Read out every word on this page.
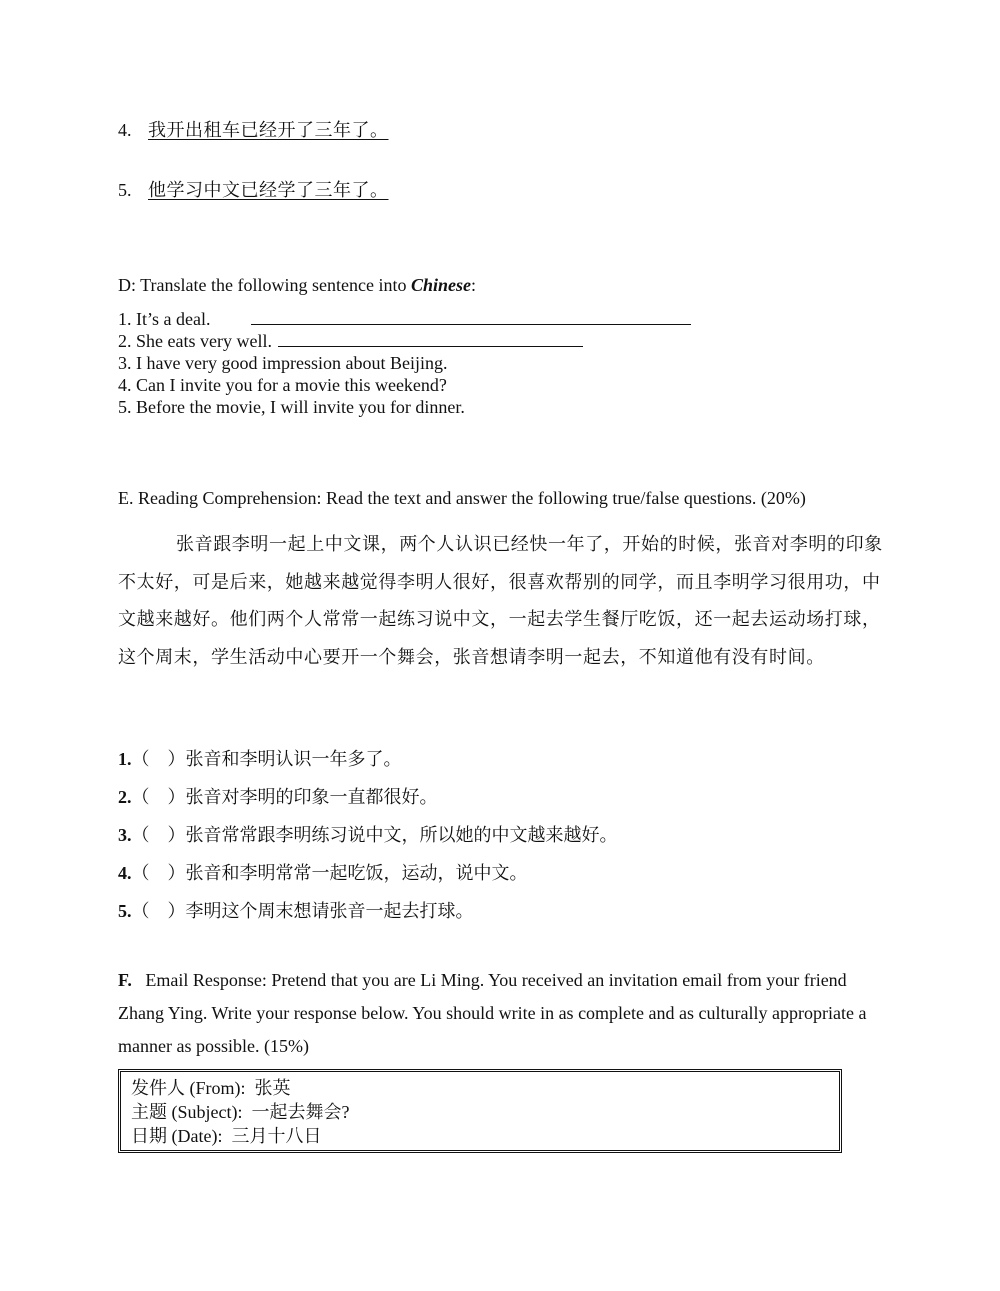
4. 我开出租车已经开了三年了。
5. 他学习中文已经学了三年了。
D: Translate the following sentence into Chinese:
1. It’s a deal.
2. She eats very well.
3. I have very good impression about Beijing.
4. Can I invite you for a movie this weekend?
5. Before the movie, I will invite you for dinner.
E. Reading Comprehension: Read the text and answer the following true/false questions. (20%)
张音跟李明一起上中文课，两个人认识已经快一年了，开始的时候，张音对李明的印象不太好，可是后来，她越来越觉得李明人很好，很喜欢帮别的同学，而且李明学习很用功，中文越来越好。他们两个人常常一起练习说中文，一起去学生餐厅吃饭，还一起去运动场打球，这个周末，学生活动中心要开一个舞会，张音想请李明一起去，不知道他有没有时间。
1.（　）张音和李明认识一年多了。
2.（　）张音对李明的印象一直都很好。
3.（　）张音常常跟李明练习说中文，所以她的中文越来越好。
4.（　）张音和李明常常一起吃饭，运动，说中文。
5.（　）李明这个周末想请张音一起去打球。
F. Email Response: Pretend that you are Li Ming. You received an invitation email from your friend Zhang Ying. Write your response below. You should write in as complete and as culturally appropriate a manner as possible. (15%)
发件人 (From): 张英
主题 (Subject): 一起去舞会?
日期 (Date): 三月十八日
